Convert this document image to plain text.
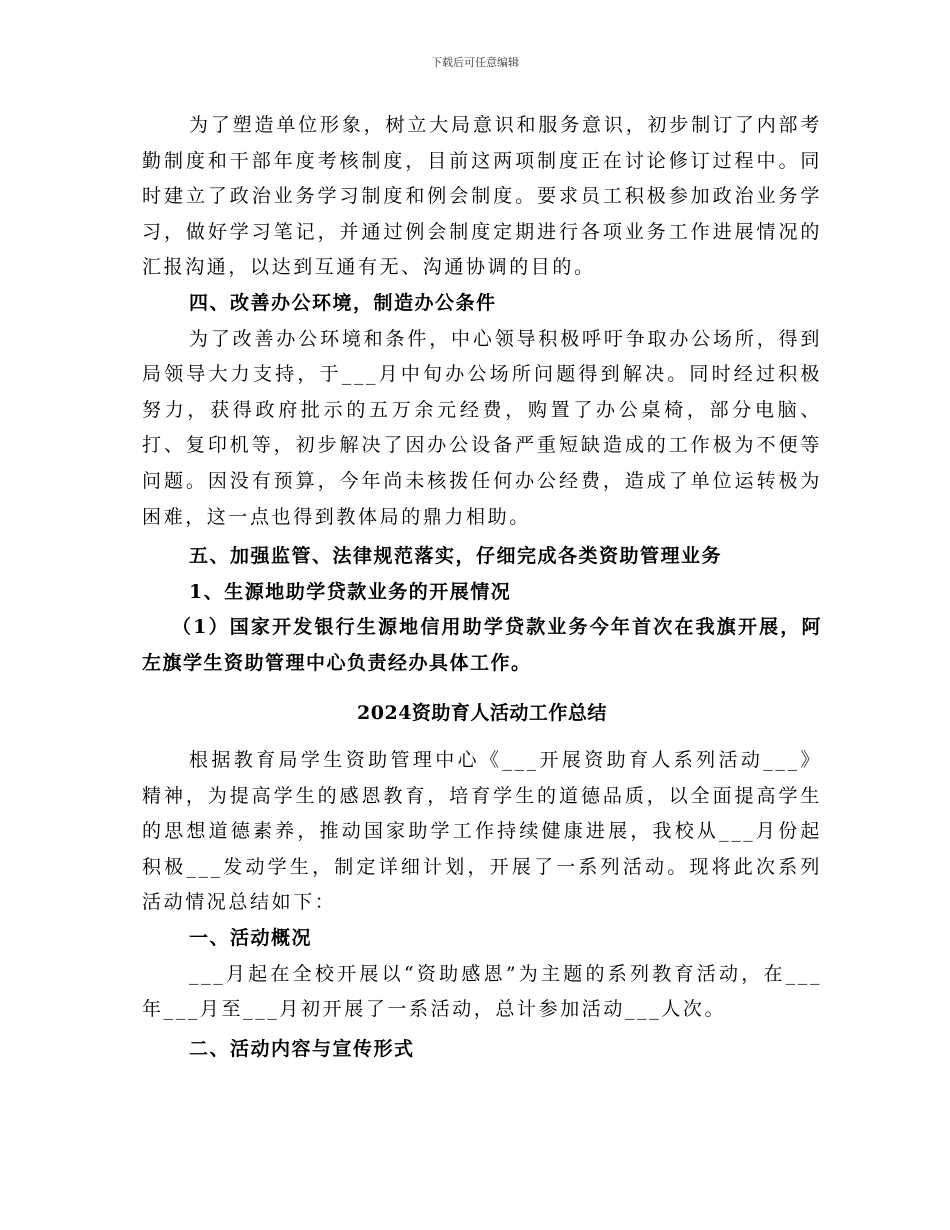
下载后可任意编辑

为了塑造单位形象，树立大局意识和服务意识，初步制订了内部考勤制度和干部年度考核制度，目前这两项制度正在讨论修订过程中。同时建立了政治业务学习制度和例会制度。要求员工积极参加政治业务学习，做好学习笔记，并通过例会制度定期进行各项业务工作进展情况的汇报沟通，以达到互通有无、沟通协调的目的。

四、改善办公环境，制造办公条件

为了改善办公环境和条件，中心领导积极呼吁争取办公场所，得到局领导大力支持，于___月中旬办公场所问题得到解决。同时经过积极努力，获得政府批示的五万余元经费，购置了办公桌椅，部分电脑、打、复印机等，初步解决了因办公设备严重短缺造成的工作极为不便等问题。因没有预算，今年尚未核拨任何办公经费，造成了单位运转极为困难，这一点也得到教体局的鼎力相助。

五、加强监管、法律规范落实，仔细完成各类资助管理业务

1、生源地助学贷款业务的开展情况

（1）国家开发银行生源地信用助学贷款业务今年首次在我旗开展，阿左旗学生资助管理中心负责经办具体工作。

2024资助育人活动工作总结

根据教育局学生资助管理中心《___开展资助育人系列活动___》精神，为提高学生的感恩教育，培育学生的道德品质，以全面提高学生的思想道德素养，推动国家助学工作持续健康进展，我校从___月份起积极___发动学生，制定详细计划，开展了一系列活动。现将此次系列活动情况总结如下：

一、活动概况

___月起在全校开展以“资助感恩”为主题的系列教育活动，在___年___月至___月初开展了一系活动，总计参加活动___人次。

二、活动内容与宣传形式
